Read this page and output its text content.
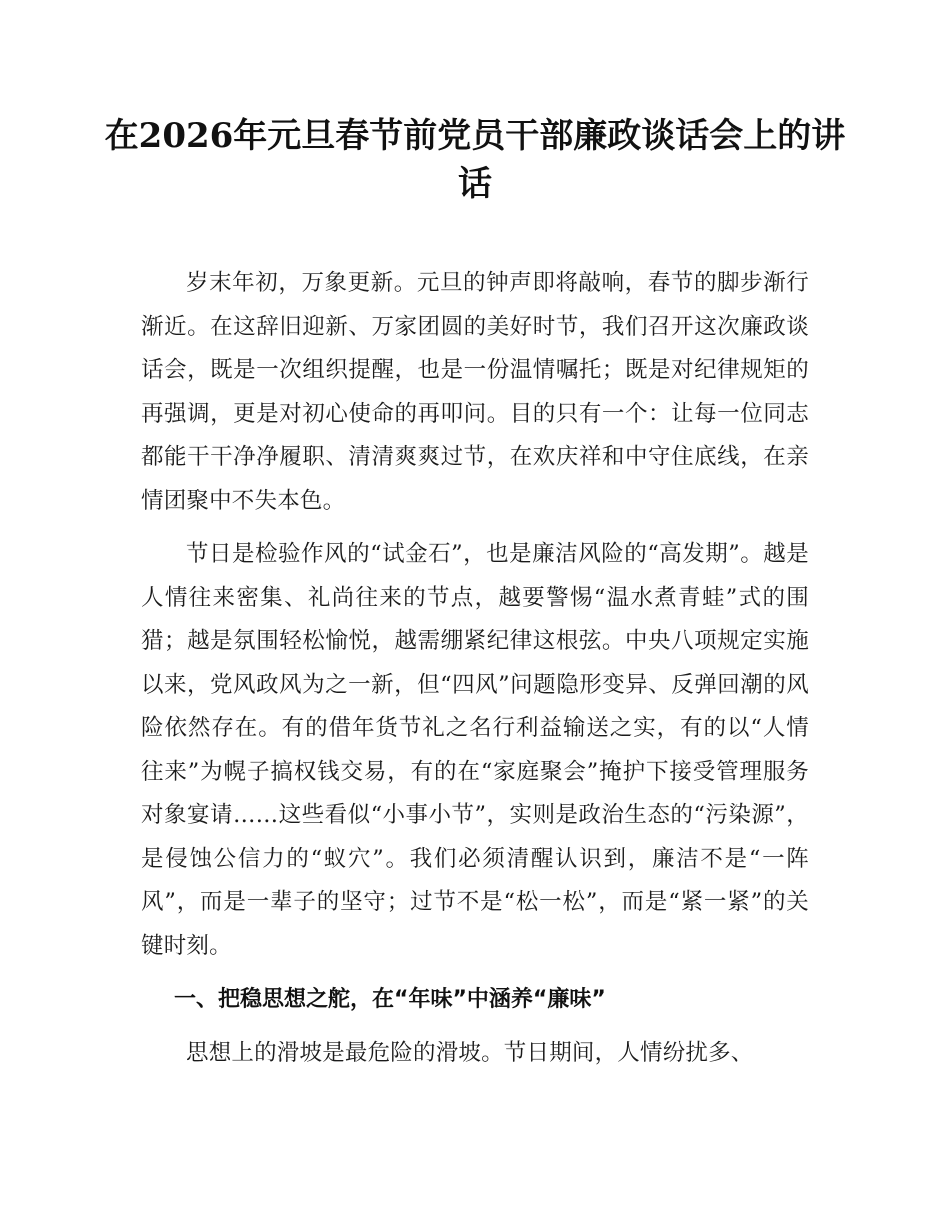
在2026年元旦春节前党员干部廉政谈话会上的讲话

岁末年初，万象更新。元旦的钟声即将敲响，春节的脚步渐行渐近。在这辞旧迎新、万家团圆的美好时节，我们召开这次廉政谈话会，既是一次组织提醒，也是一份温情嘱托；既是对纪律规矩的再强调，更是对初心使命的再叩问。目的只有一个：让每一位同志都能干干净净履职、清清爽爽过节，在欢庆祥和中守住底线，在亲情团聚中不失本色。

节日是检验作风的“试金石”，也是廉洁风险的“高发期”。越是人情往来密集、礼尚往来的节点，越要警惕“温水煮青蛙”式的围猎；越是氛围轻松愉悦，越需绷紧纪律这根弦。中央八项规定实施以来，党风政风为之一新，但“四风”问题隐形变异、反弹回潮的风险依然存在。有的借年货节礼之名行利益输送之实，有的以“人情往来”为幌子搞权钱交易，有的在“家庭聚会”掩护下接受管理服务对象宴请……这些看似“小事小节”，实则是政治生态的“污染源”，是侵蚀公信力的“蚁穴”。我们必须清醒认识到，廉洁不是“一阵风”，而是一辈子的坚守；过节不是“松一松”，而是“紧一紧”的关键时刻。

一、把稳思想之舵，在“年味”中涵养“廉味”

思想上的滑坡是最危险的滑坡。节日期间，人情纷扰多、
